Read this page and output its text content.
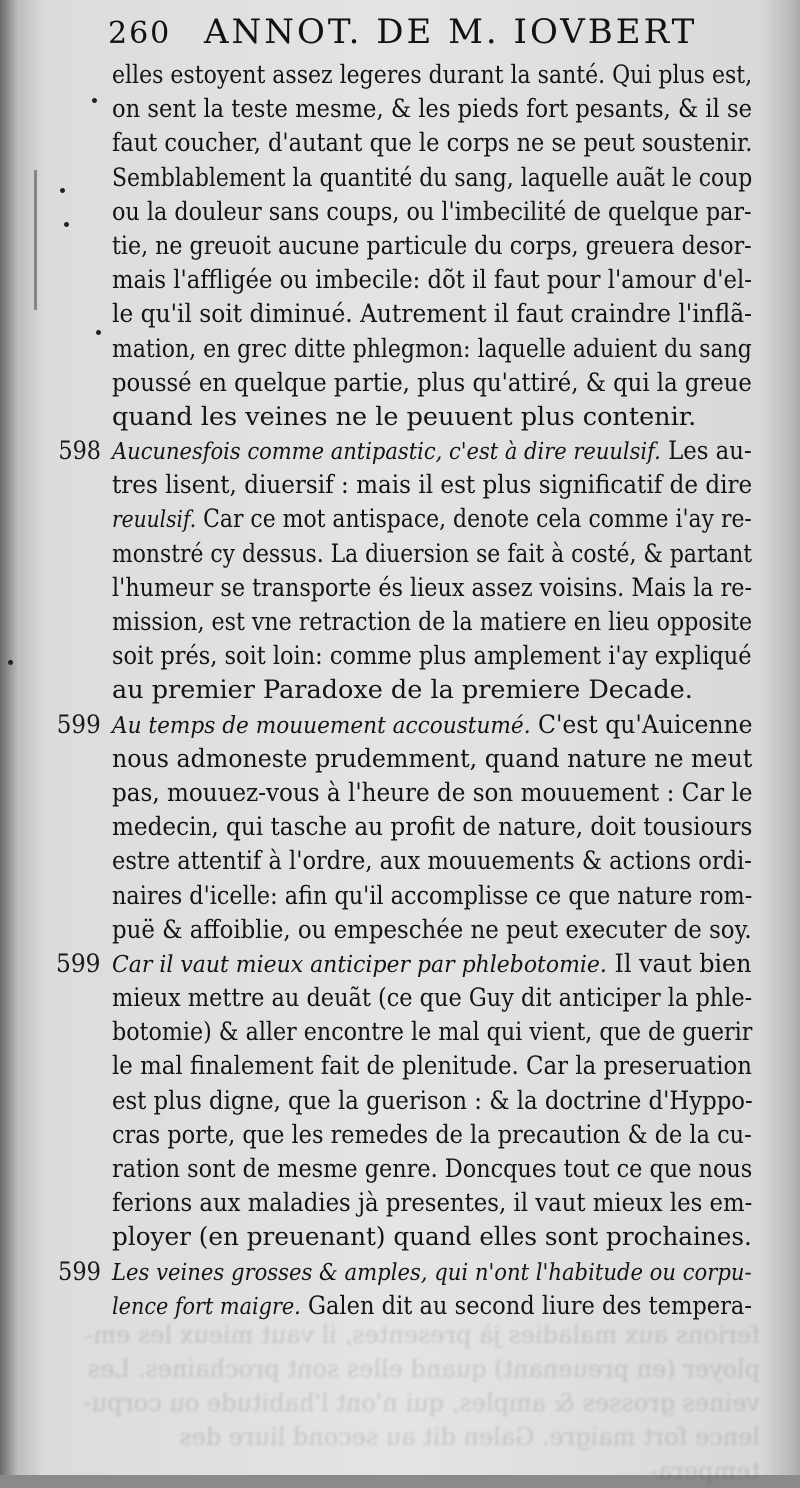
ferions aux maladies jà presentes, il vaut mieux les em- ployer (en preuenant) quand elles sont prochaines. Les veines grosses & amples, qui n'ont l'habitude ou corpu- lence fort maigre. Galen dit au second liure des tempera-
260 ANNOT. DE M. IOVBERT
elles estoyent assez legeres durant la santé. Qui plus est,
on sent la teste mesme, & les pieds fort pesants, & il se
faut coucher, d'autant que le corps ne se peut soustenir.
Semblablement la quantité du sang, laquelle auãt le coup
ou la douleur sans coups, ou l'imbecilité de quelque par-
tie, ne greuoit aucune particule du corps, greuera desor-
mais l'affligée ou imbecile: dõt il faut pour l'amour d'el-
le qu'il soit diminué. Autrement il faut craindre l'inflã-
mation, en grec ditte phlegmon: laquelle aduient du sang
poussé en quelque partie, plus qu'attiré, & qui la greue
quand les veines ne le peuuent plus contenir.
598 Aucunesfois comme antipastic, c'est à dire reuulsif. Les au-
tres lisent, diuersif : mais il est plus significatif de dire
reuulsif. Car ce mot antispace, denote cela comme i'ay re-
monstré cy dessus. La diuersion se fait à costé, & partant
l'humeur se transporte és lieux assez voisins. Mais la re-
mission, est vne retraction de la matiere en lieu opposite
soit prés, soit loin: comme plus amplement i'ay expliqué
au premier Paradoxe de la premiere Decade.
599 Au temps de mouuement accoustumé. C'est qu'Auicenne
nous admoneste prudemment, quand nature ne meut
pas, mouuez-vous à l'heure de son mouuement : Car le
medecin, qui tasche au profit de nature, doit tousiours
estre attentif à l'ordre, aux mouuements & actions ordi-
naires d'icelle: afin qu'il accomplisse ce que nature rom-
puë & affoiblie, ou empeschée ne peut executer de soy.
599 Car il vaut mieux anticiper par phlebotomie. Il vaut bien
mieux mettre au deuãt (ce que Guy dit anticiper la phle-
botomie) & aller encontre le mal qui vient, que de guerir
le mal finalement fait de plenitude. Car la preseruation
est plus digne, que la guerison : & la doctrine d'Hyppo-
cras porte, que les remedes de la precaution & de la cu-
ration sont de mesme genre. Doncques tout ce que nous
ferions aux maladies jà presentes, il vaut mieux les em-
ployer (en preuenant) quand elles sont prochaines.
599 Les veines grosses & amples, qui n'ont l'habitude ou corpu-
lence fort maigre. Galen dit au second liure des tempera-
